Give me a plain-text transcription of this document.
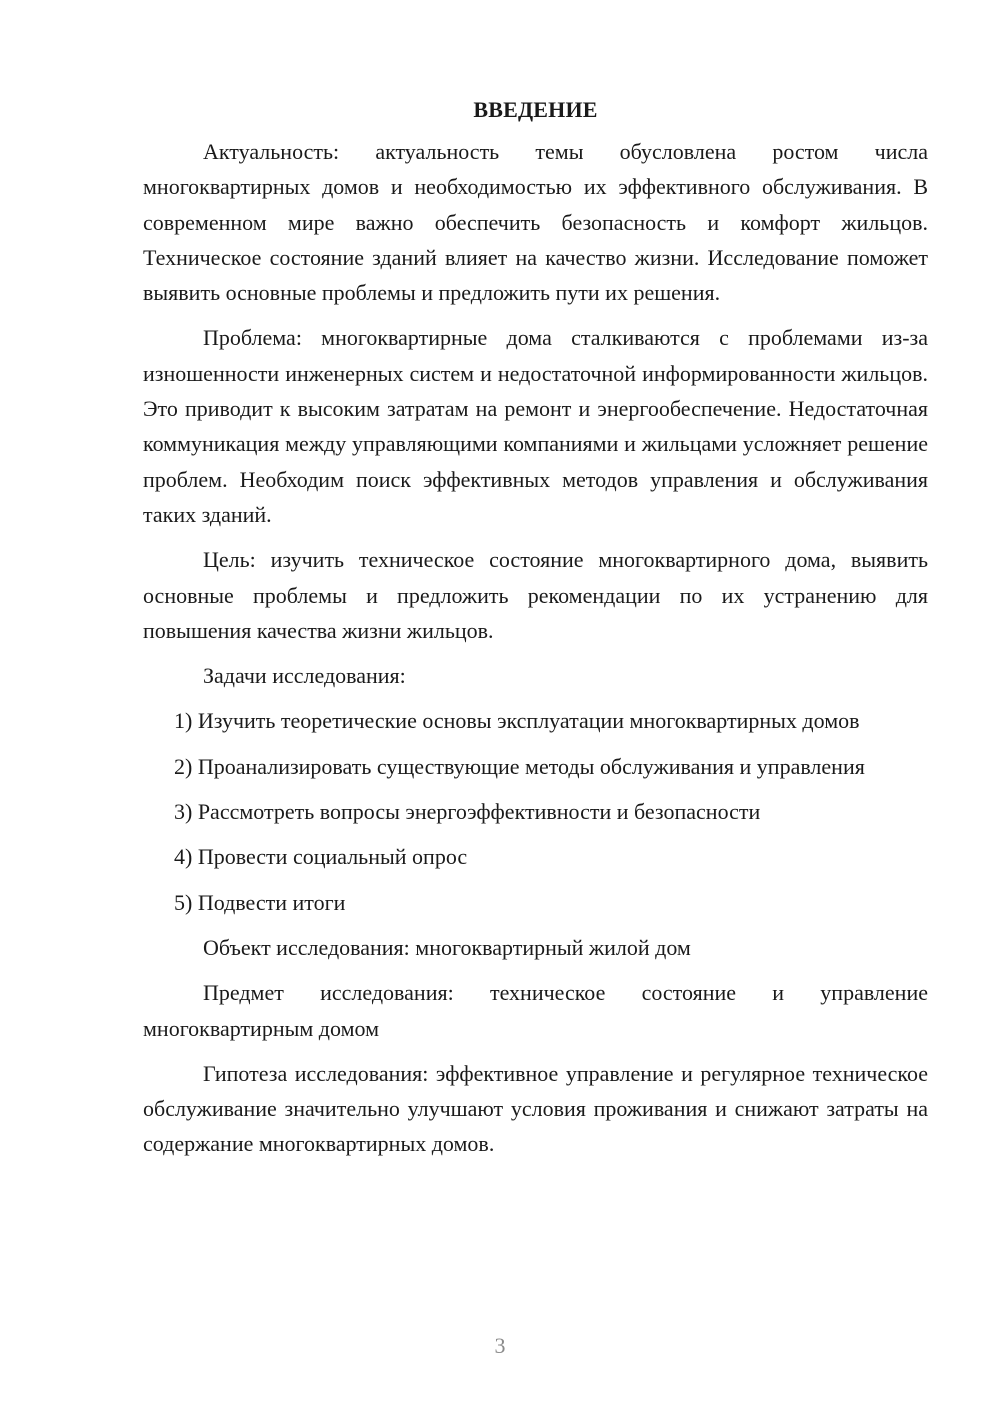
ВВЕДЕНИЕ

Актуальность: актуальность темы обусловлена ростом числа многоквартирных домов и необходимостью их эффективного обслуживания. В современном мире важно обеспечить безопасность и комфорт жильцов. Техническое состояние зданий влияет на качество жизни. Исследование поможет выявить основные проблемы и предложить пути их решения.

Проблема: многоквартирные дома сталкиваются с проблемами из-за изношенности инженерных систем и недостаточной информированности жильцов. Это приводит к высоким затратам на ремонт и энергообеспечение. Недостаточная коммуникация между управляющими компаниями и жильцами усложняет решение проблем. Необходим поиск эффективных методов управления и обслуживания таких зданий.

Цель: изучить техническое состояние многоквартирного дома, выявить основные проблемы и предложить рекомендации по их устранению для повышения качества жизни жильцов.

Задачи исследования:

1) Изучить теоретические основы эксплуатации многоквартирных домов

2) Проанализировать существующие методы обслуживания и управления

3) Рассмотреть вопросы энергоэффективности и безопасности

4) Провести социальный опрос

5) Подвести итоги

Объект исследования: многоквартирный жилой дом

Предмет исследования: техническое состояние и управление многоквартирным домом

Гипотеза исследования: эффективное управление и регулярное техническое обслуживание значительно улучшают условия проживания и снижают затраты на содержание многоквартирных домов.

3
